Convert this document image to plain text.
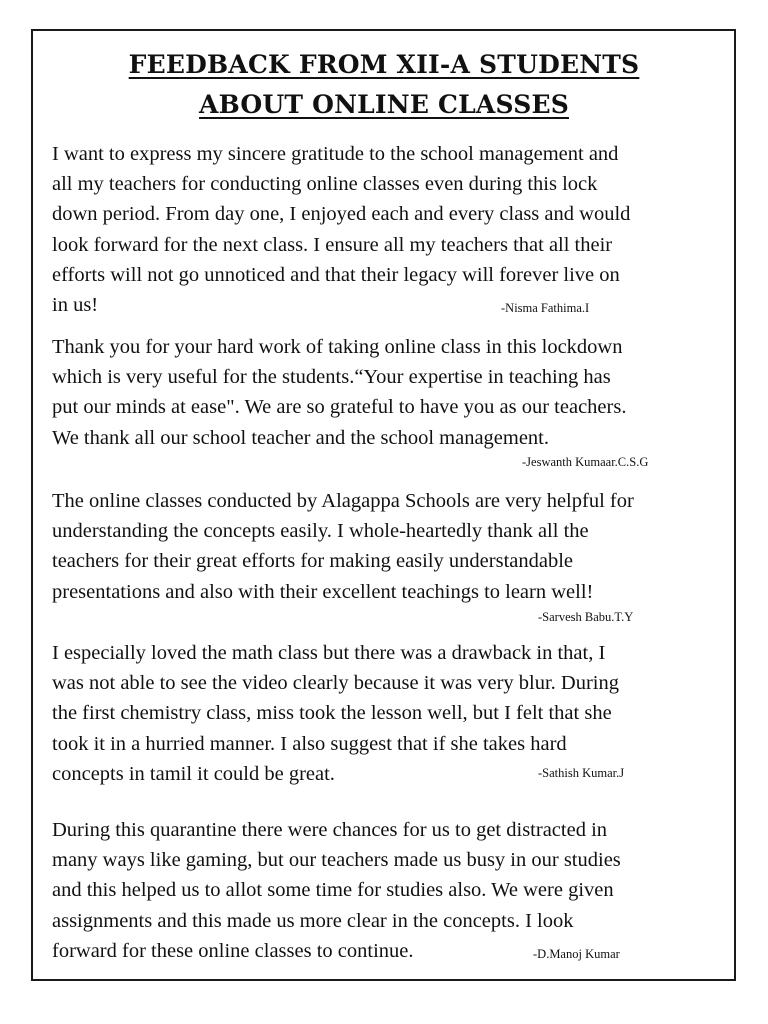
FEEDBACK FROM XII-A STUDENTS
ABOUT ONLINE CLASSES

I want to express my sincere gratitude to the school management and
all my teachers for conducting online classes even during this lock
down period. From day one, I enjoyed each and every class and would
look forward for the next class. I ensure all my teachers that all their
efforts will not go unnoticed and that their legacy will forever live on
in us!	-Nisma Fathima.I

Thank you for your hard work of taking online class in this lockdown
which is very useful for the students.“Your expertise in teaching has
put our minds at ease". We are so grateful to have you as our teachers.
We thank all our school teacher and the school management.

-Jeswanth Kumaar.C.S.G

The online classes conducted by Alagappa Schools are very helpful for
understanding the concepts easily. I whole-heartedly thank all the
teachers for their great efforts for making easily understandable
presentations and also with their excellent teachings to learn well!

-Sarvesh Babu.T.Y

I especially loved the math class but there was a drawback in that, I
was not able to see the video clearly because it was very blur. During
the first chemistry class, miss took the lesson well, but I felt that she
took it in a hurried manner. I also suggest that if she takes hard
concepts in tamil it could be great.	-Sathish Kumar.J

During this quarantine there were chances for us to get distracted in
many ways like gaming, but our teachers made us busy in our studies
and this helped us to allot some time for studies also. We were given
assignments and this made us more clear in the concepts. I look
forward for these online classes to continue.	-D.Manoj Kumar
